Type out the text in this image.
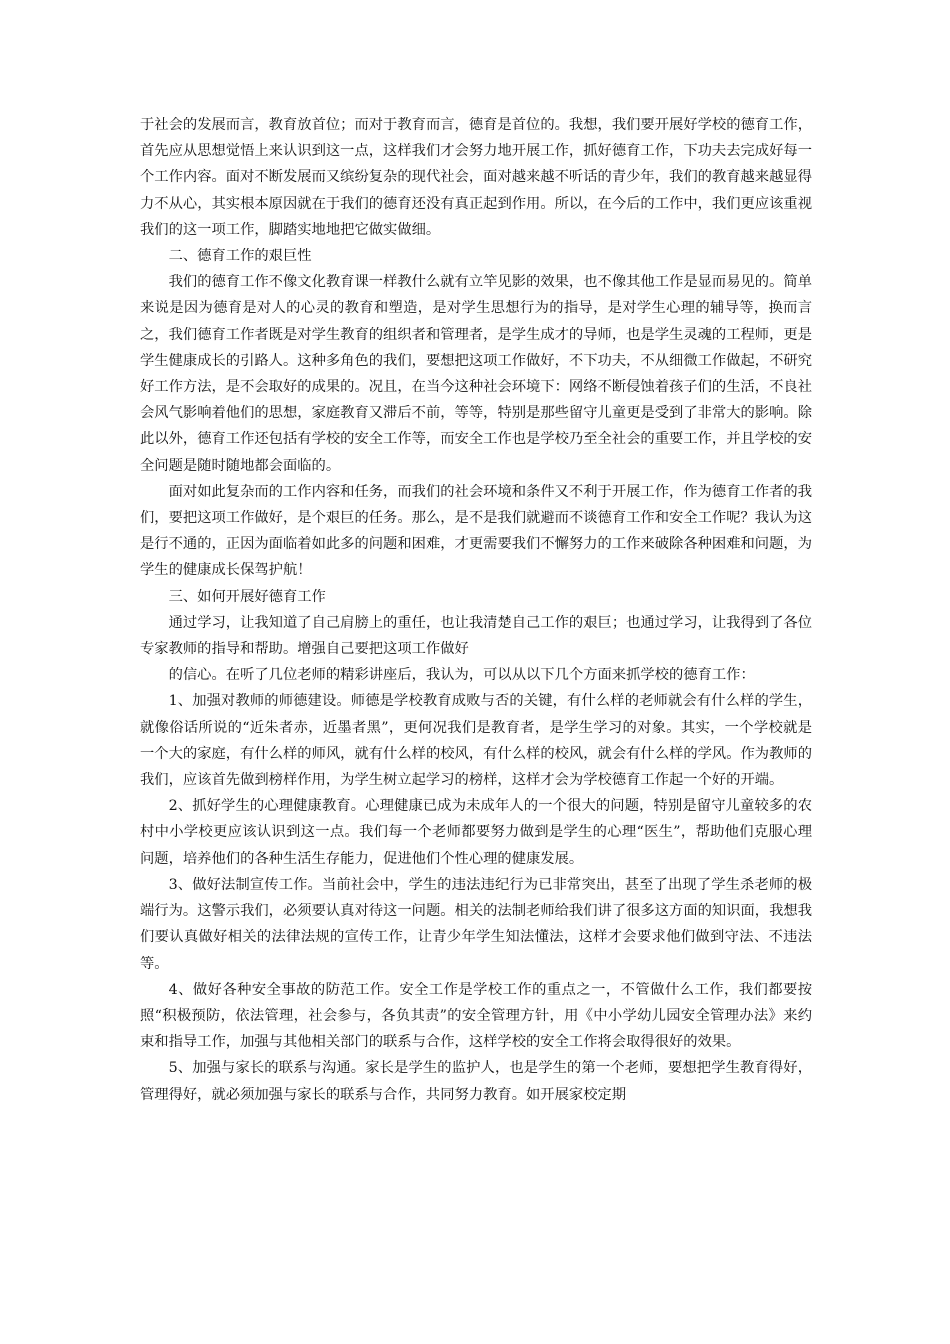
于社会的发展而言，教育放首位；而对于教育而言，德育是首位的。我想，我们要开展好学校的德育工作，首先应从思想觉悟上来认识到这一点，这样我们才会努力地开展工作，抓好德育工作，下功夫去完成好每一个工作内容。面对不断发展而又缤纷复杂的现代社会，面对越来越不听话的青少年，我们的教育越来越显得力不从心，其实根本原因就在于我们的德育还没有真正起到作用。所以，在今后的工作中，我们更应该重视我们的这一项工作，脚踏实地地把它做实做细。

二、德育工作的艰巨性

我们的德育工作不像文化教育课一样教什么就有立竿见影的效果，也不像其他工作是显而易见的。简单来说是因为德育是对人的心灵的教育和塑造，是对学生思想行为的指导，是对学生心理的辅导等，换而言之，我们德育工作者既是对学生教育的组织者和管理者，是学生成才的导师，也是学生灵魂的工程师，更是学生健康成长的引路人。这种多角色的我们，要想把这项工作做好，不下功夫，不从细微工作做起，不研究好工作方法，是不会取好的成果的。况且，在当今这种社会环境下：网络不断侵蚀着孩子们的生活，不良社会风气影响着他们的思想，家庭教育又滞后不前，等等，特别是那些留守儿童更是受到了非常大的影响。除此以外，德育工作还包括有学校的安全工作等，而安全工作也是学校乃至全社会的重要工作，并且学校的安全问题是随时随地都会面临的。

面对如此复杂而的工作内容和任务，而我们的社会环境和条件又不利于开展工作，作为德育工作者的我们，要把这项工作做好，是个艰巨的任务。那么，是不是我们就避而不谈德育工作和安全工作呢？我认为这是行不通的，正因为面临着如此多的问题和困难，才更需要我们不懈努力的工作来破除各种困难和问题，为学生的健康成长保驾护航！

三、如何开展好德育工作

通过学习，让我知道了自己肩膀上的重任，也让我清楚自己工作的艰巨；也通过学习，让我得到了各位专家教师的指导和帮助。增强自己要把这项工作做好

的信心。在听了几位老师的精彩讲座后，我认为，可以从以下几个方面来抓学校的德育工作：

1、加强对教师的师德建设。师德是学校教育成败与否的关键，有什么样的老师就会有什么样的学生，就像俗话所说的“近朱者赤，近墨者黑”，更何况我们是教育者，是学生学习的对象。其实，一个学校就是一个大的家庭，有什么样的师风，就有什么样的校风，有什么样的校风，就会有什么样的学风。作为教师的我们，应该首先做到榜样作用，为学生树立起学习的榜样，这样才会为学校德育工作起一个好的开端。

2、抓好学生的心理健康教育。心理健康已成为未成年人的一个很大的问题，特别是留守儿童较多的农村中小学校更应该认识到这一点。我们每一个老师都要努力做到是学生的心理“医生”，帮助他们克服心理问题，培养他们的各种生活生存能力，促进他们个性心理的健康发展。

3、做好法制宣传工作。当前社会中，学生的违法违纪行为已非常突出，甚至了出现了学生杀老师的极端行为。这警示我们，必须要认真对待这一问题。相关的法制老师给我们讲了很多这方面的知识面，我想我们要认真做好相关的法律法规的宣传工作，让青少年学生知法懂法，这样才会要求他们做到守法、不违法等。

4、做好各种安全事故的防范工作。安全工作是学校工作的重点之一，不管做什么工作，我们都要按照“积极预防，依法管理，社会参与，各负其责”的安全管理方针，用《中小学幼儿园安全管理办法》来约束和指导工作，加强与其他相关部门的联系与合作，这样学校的安全工作将会取得很好的效果。

5、加强与家长的联系与沟通。家长是学生的监护人，也是学生的第一个老师，要想把学生教育得好，管理得好，就必须加强与家长的联系与合作，共同努力教育。如开展家校定期
